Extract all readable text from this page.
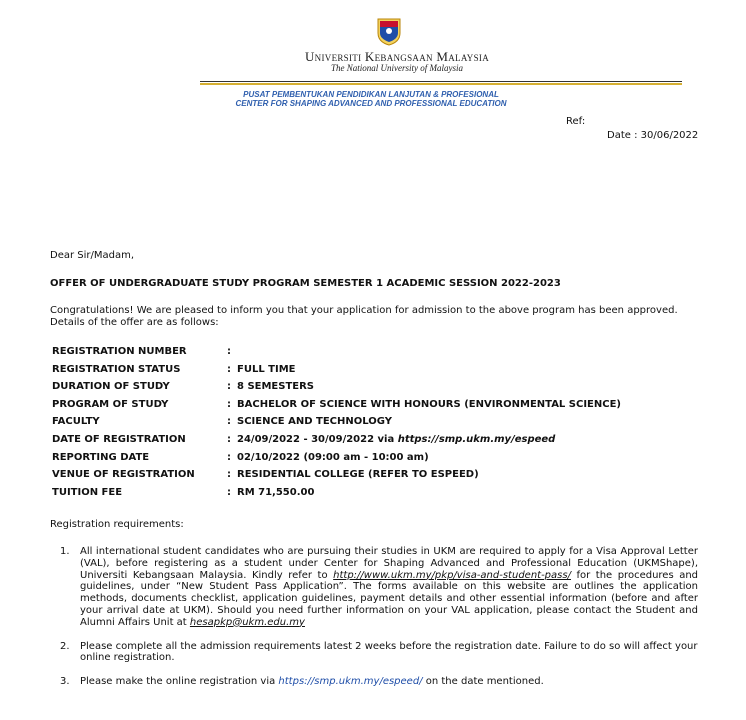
Universiti Kebangsaan Malaysia
The National University of Malaysia
PUSAT PEMBENTUKAN PENDIDIKAN LANJUTAN & PROFESIONAL
CENTER FOR SHAPING ADVANCED AND PROFESSIONAL EDUCATION
Ref:
Date : 30/06/2022
Dear Sir/Madam,
OFFER OF UNDERGRADUATE STUDY PROGRAM SEMESTER 1 ACADEMIC SESSION 2022-2023
Congratulations! We are pleased to inform you that your application for admission to the above program has been approved. Details of the offer are as follows:
REGISTRATION NUMBER	:
REGISTRATION STATUS	: FULL TIME
DURATION OF STUDY	: 8 SEMESTERS
PROGRAM OF STUDY	: BACHELOR OF SCIENCE WITH HONOURS (ENVIRONMENTAL SCIENCE)
FACULTY	: SCIENCE AND TECHNOLOGY
DATE OF REGISTRATION	: 24/09/2022 - 30/09/2022 via https://smp.ukm.my/espeed
REPORTING DATE	: 02/10/2022 (09:00 am - 10:00 am)
VENUE OF REGISTRATION	: RESIDENTIAL COLLEGE (REFER TO ESPEED)
TUITION FEE	: RM 71,550.00
Registration requirements:
1. All international student candidates who are pursuing their studies in UKM are required to apply for a Visa Approval Letter (VAL), before registering as a student under Center for Shaping Advanced and Professional Education (UKMShape), Universiti Kebangsaan Malaysia. Kindly refer to http://www.ukm.my/pkp/visa-and-student-pass/ for the procedures and guidelines, under “New Student Pass Application”. The forms available on this website are outlines the application methods, documents checklist, application guidelines, payment details and other essential information (before and after your arrival date at UKM). Should you need further information on your VAL application, please contact the Student and Alumni Affairs Unit at hesapkp@ukm.edu.my
2. Please complete all the admission requirements latest 2 weeks before the registration date. Failure to do so will affect your online registration.
3. Please make the online registration via https://smp.ukm.my/espeed/ on the date mentioned.
